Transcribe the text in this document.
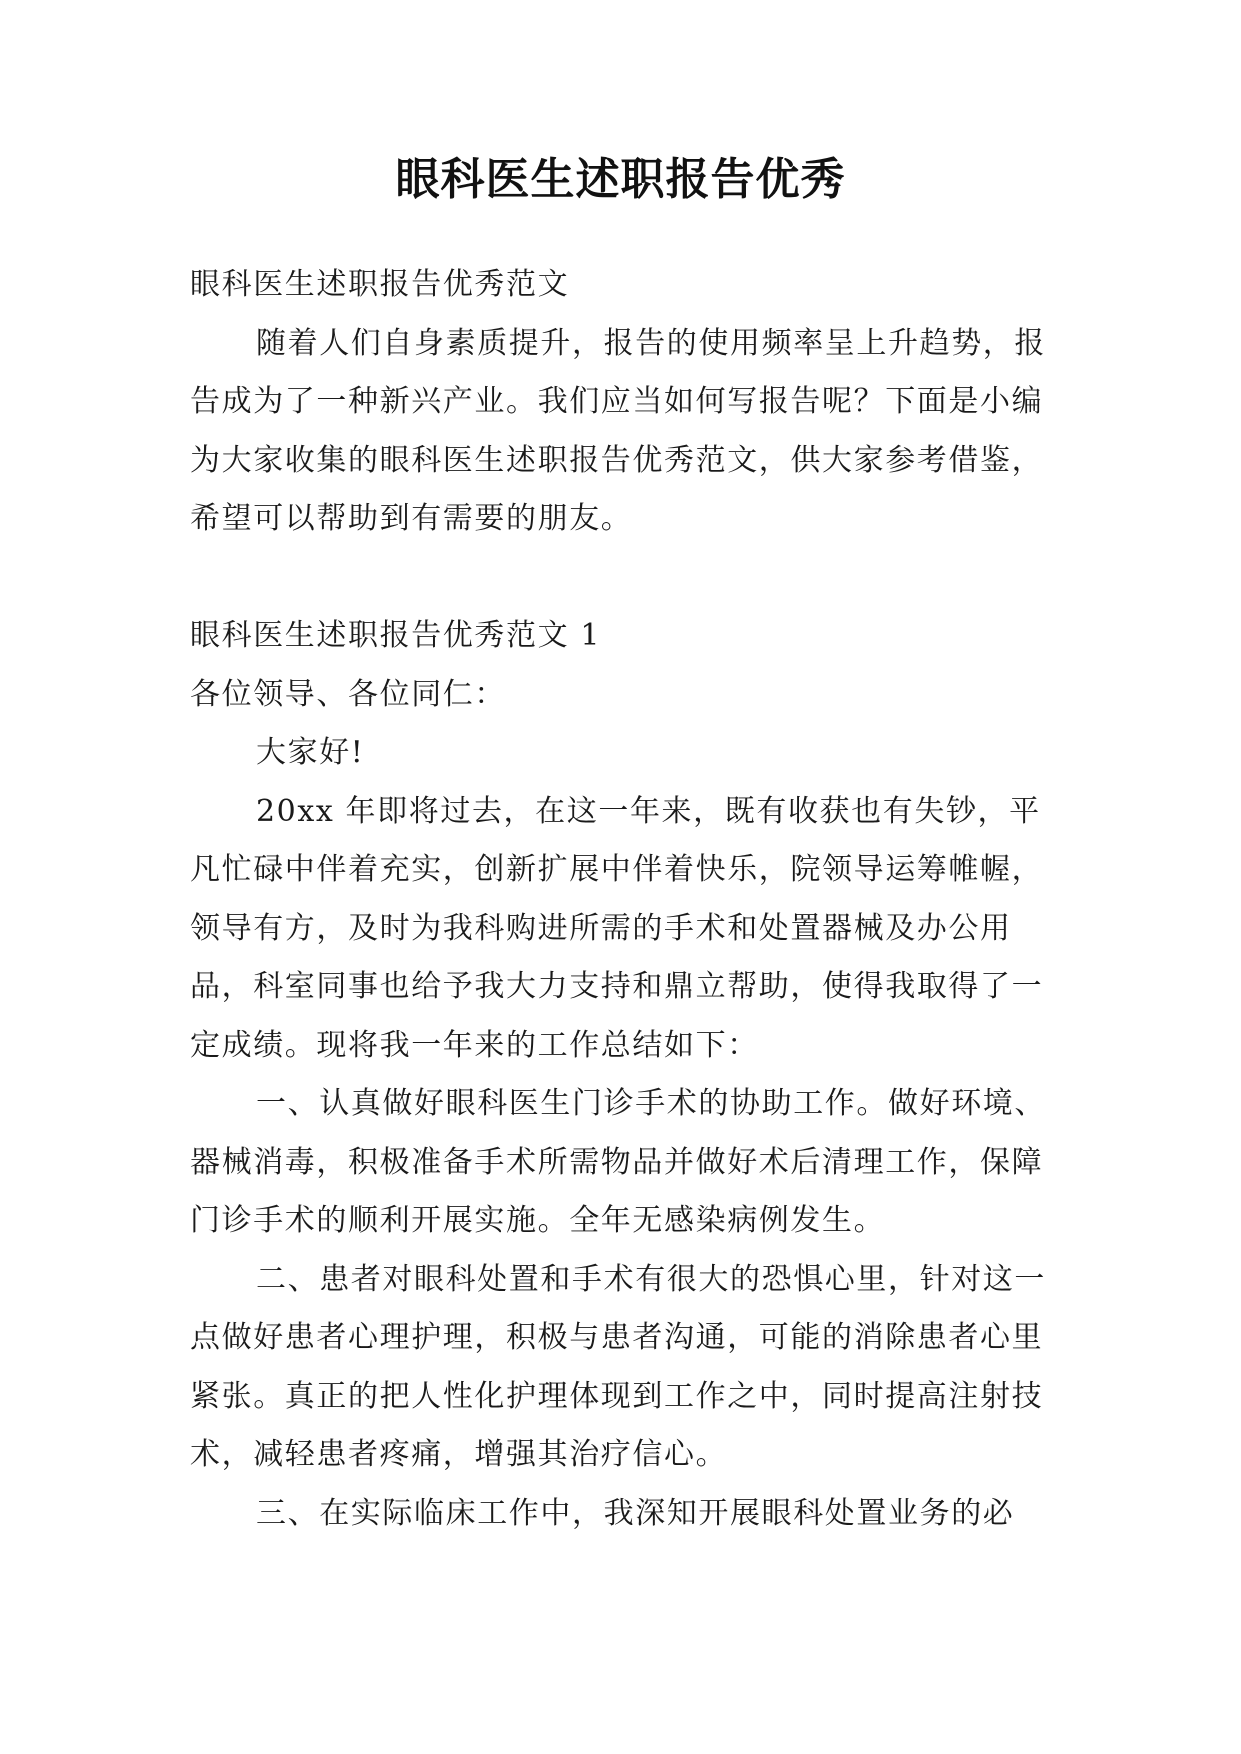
眼科医生述职报告优秀

眼科医生述职报告优秀范文

随着人们自身素质提升，报告的使用频率呈上升趋势，报告成为了一种新兴产业。我们应当如何写报告呢？下面是小编为大家收集的眼科医生述职报告优秀范文，供大家参考借鉴，希望可以帮助到有需要的朋友。

眼科医生述职报告优秀范文 1

各位领导、各位同仁：

大家好!

20xx 年即将过去，在这一年来，既有收获也有失钞，平凡忙碌中伴着充实，创新扩展中伴着快乐，院领导运筹帷幄，领导有方，及时为我科购进所需的手术和处置器械及办公用品，科室同事也给予我大力支持和鼎立帮助，使得我取得了一定成绩。现将我一年来的工作总结如下：

一、认真做好眼科医生门诊手术的协助工作。做好环境、器械消毒，积极准备手术所需物品并做好术后清理工作，保障门诊手术的顺利开展实施。全年无感染病例发生。

二、患者对眼科处置和手术有很大的恐惧心里，针对这一点做好患者心理护理，积极与患者沟通，可能的消除患者心里紧张。真正的把人性化护理体现到工作之中，同时提高注射技术，减轻患者疼痛，增强其治疗信心。

三、在实际临床工作中，我深知开展眼科处置业务的必
